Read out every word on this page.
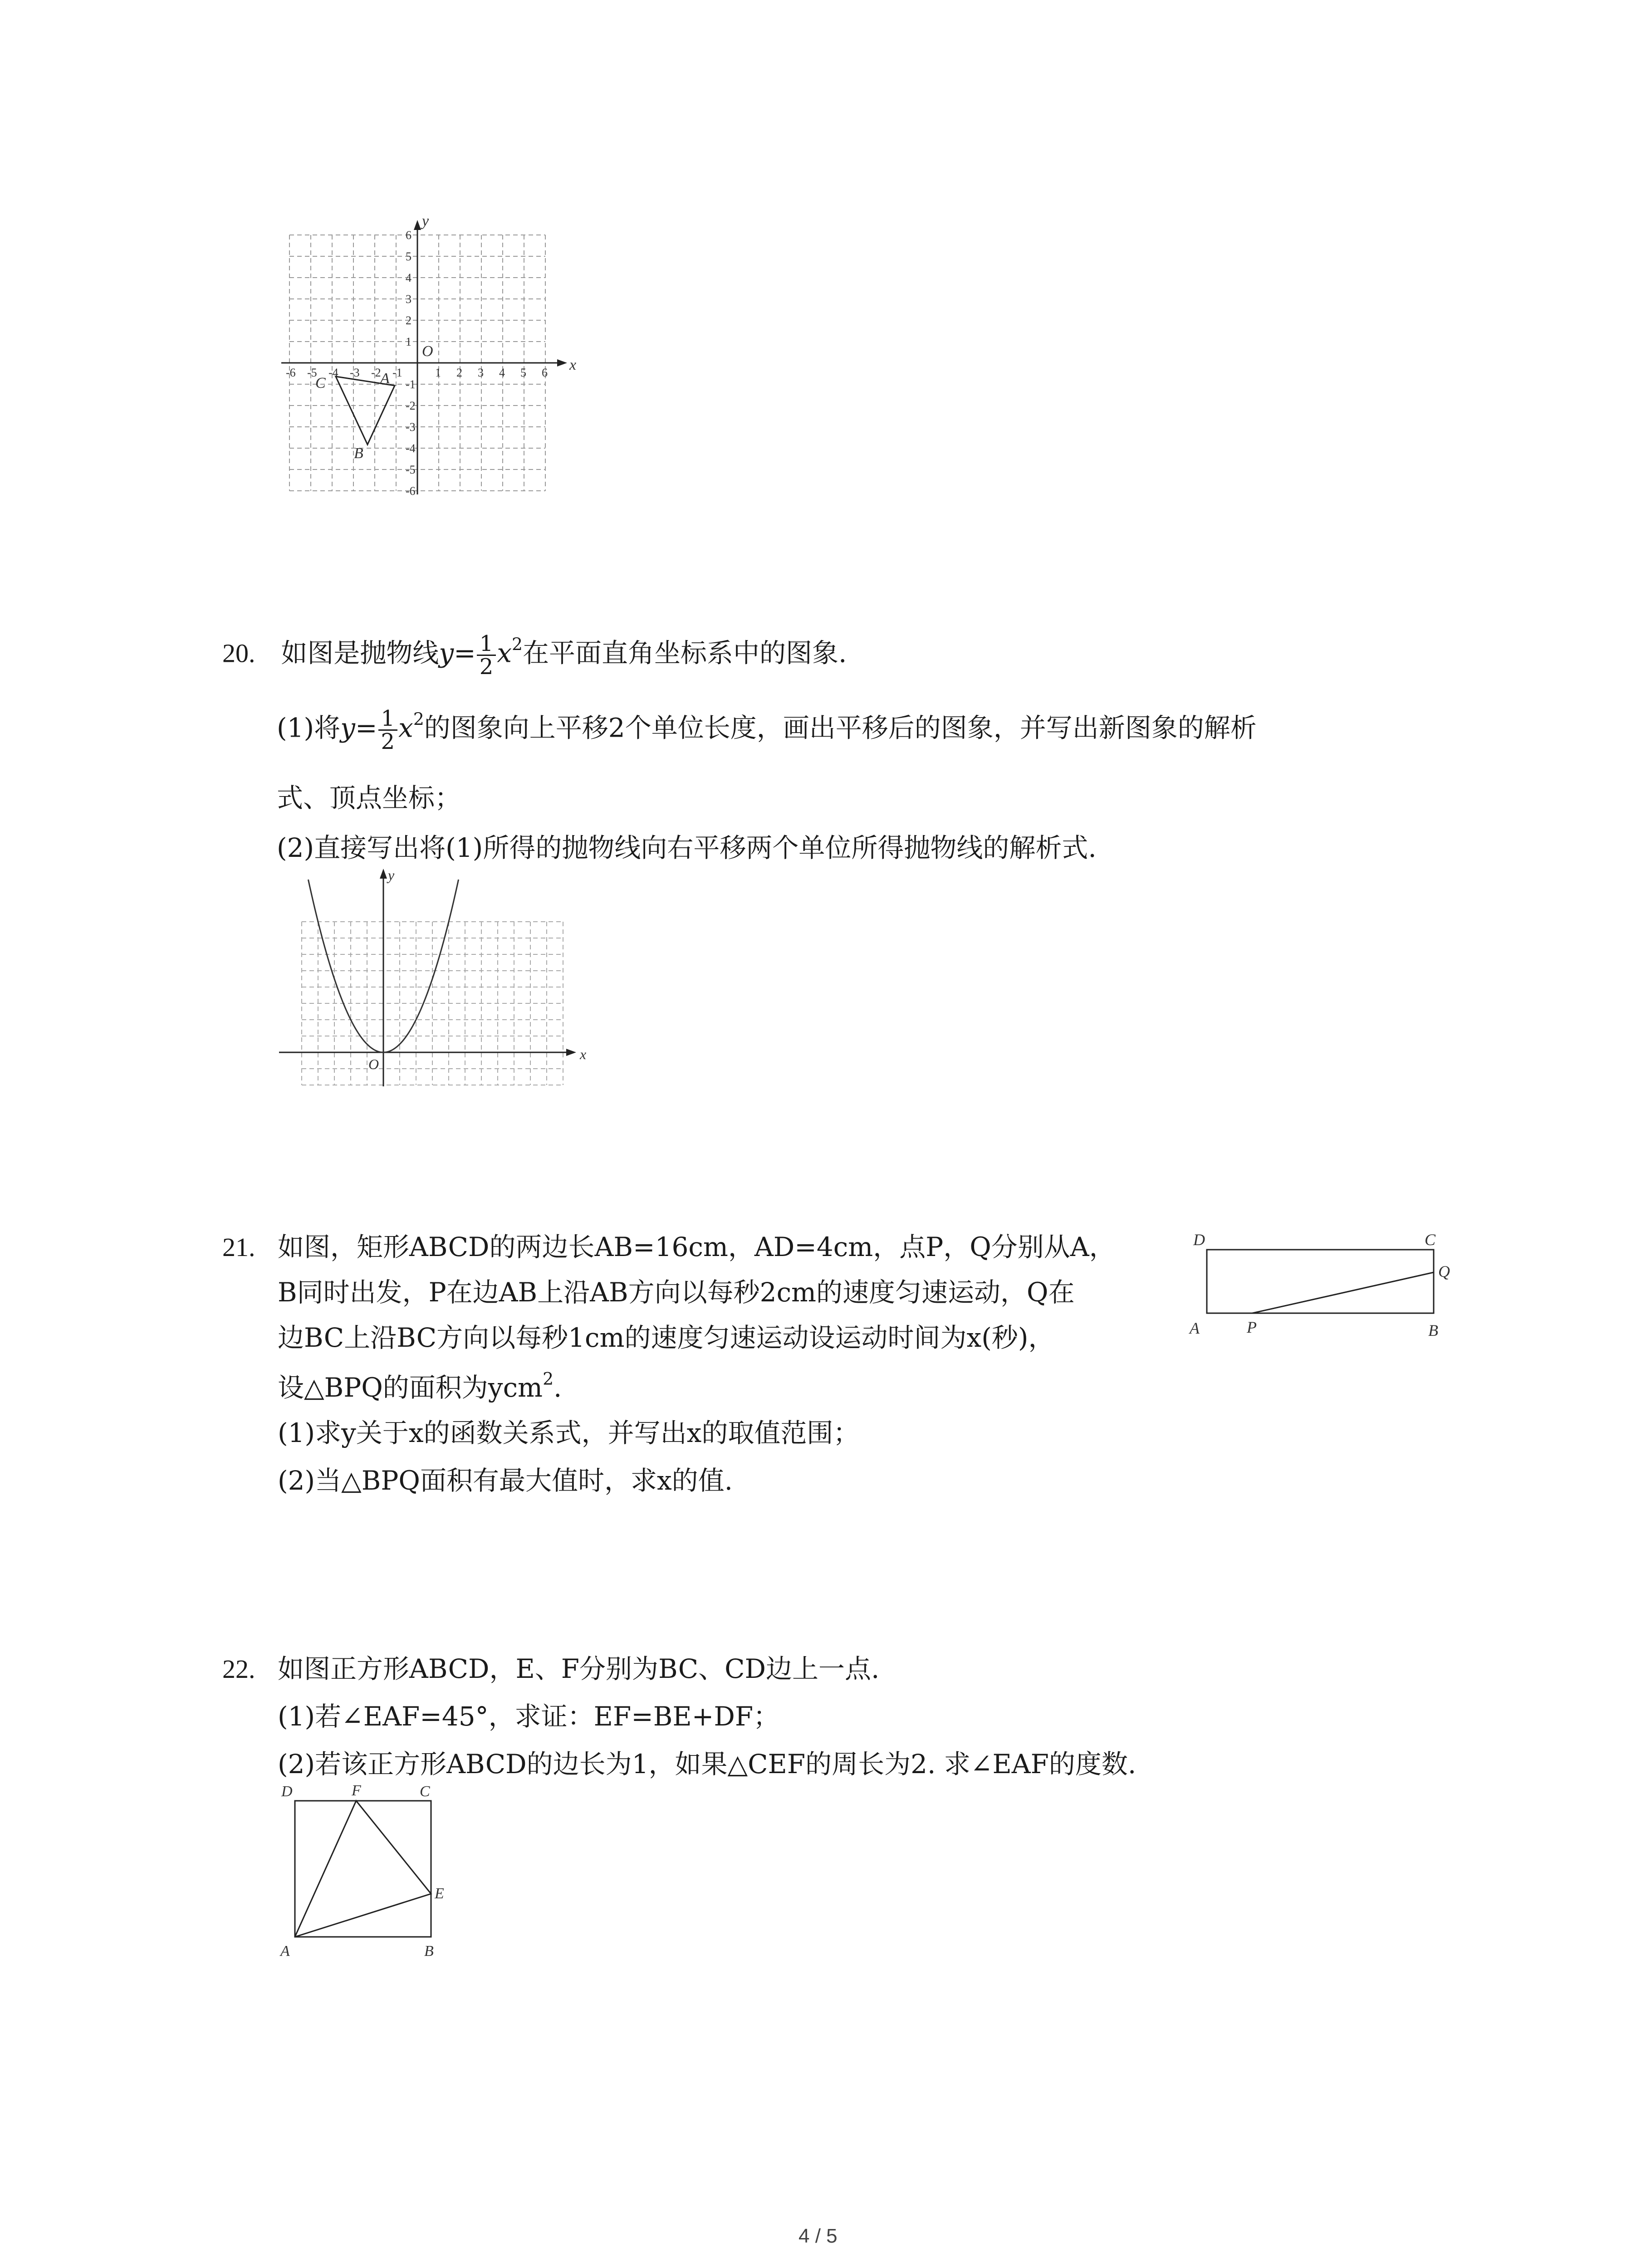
x
y
O
-6 -5 -4 -3 -2 -1	1 2 3 4 5 6
6
5
4
3
2
1
-1
-2
-3
-4
-5
-6
C	A
B
20. 如图是抛物线$y= \frac{1}{2} x^2$在平面直角坐标系中的图象.
(1)将$y= \frac{1}{2} x^2$的图象向上平移2个单位长度，画出平移后的图象，并写出新图象的解析
式、顶点坐标；
(2)直接写出将(1)所得的抛物线向右平移两个单位所得抛物线的解析式.
x
y
O
21. 如图，矩形ABCD的两边长AB=16cm，AD=4cm，点P，Q分别从A，
B同时出发，P在边AB上沿AB方向以每秒2cm的速度匀速运动，Q在
边BC上沿BC方向以每秒1cm的速度匀速运动设运动时间为x(秒)，
设△BPQ的面积为ycm$^2$.
(1)求y关于x的函数关系式，并写出x的取值范围；
(2)当△BPQ面积有最大值时，求x的值.
D	C
Q
A	P	B
22. 如图正方形ABCD，E、F分别为BC、CD边上一点.
(1)若∠EAF=45°，求证：EF=BE+DF；
(2)若该正方形ABCD的边长为1，如果△CEF的周长为2. 求∠EAF的度数.
D	F	C
E
A	B
4 / 5
